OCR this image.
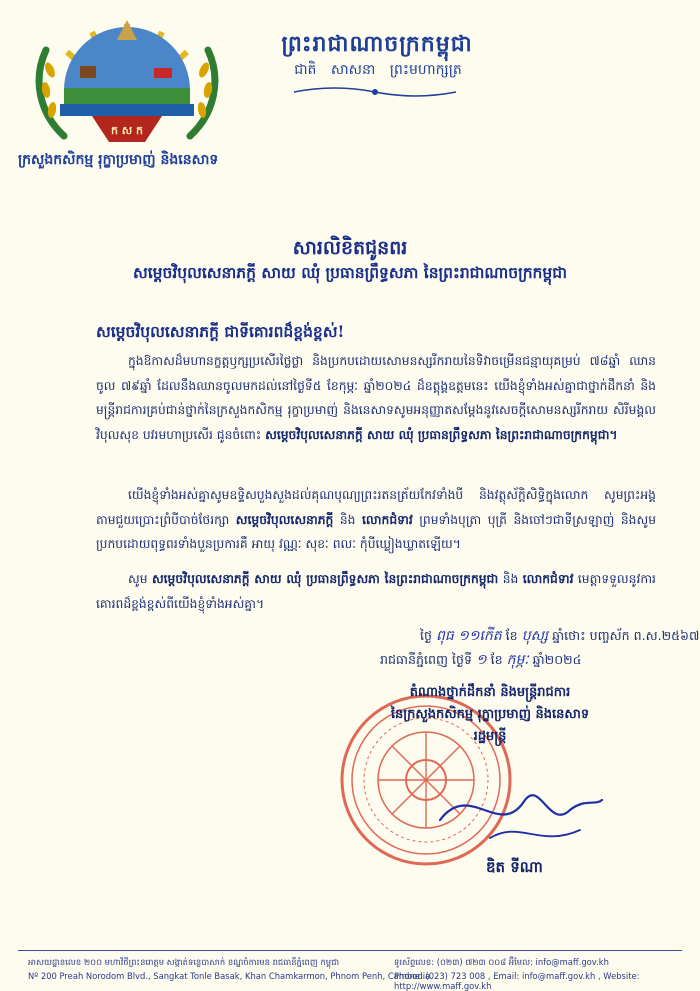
ក ស ក
ព្រះរាជាណាចក្រកម្ពុជា
ជាតិ សាសនា ព្រះមហាក្សត្រ
ក្រសួងកសិកម្ម រុក្ខាប្រមាញ់ និងនេសាទ
សារលិខិតជូនពរ
សម្តេចវិបុលសេនាភក្តី សាយ ឈុំ ប្រធានព្រឹទ្ធសភា នៃព្រះរាជាណាចក្រកម្ពុជា
សម្តេចវិបុលសេនាភក្តី ជាទីគោរពដ៏ខ្ពង់ខ្ពស់!

ក្នុងឱកាសដ៏មហានក្ខត្តឫក្សប្រសើរថ្លៃថ្លា និងប្រកបដោយសោមនស្សរីករាយនៃទិវាចម្រើនជន្មាយុគម្រប់ ៧៨ឆ្នាំ ឈានចូល ៧៩ឆ្នាំ ដែលនឹងឈានចូលមកដល់នៅថ្ងៃទី៥ ខែកុម្ភៈ ឆ្នាំ២០២៤ ដ៏ឧត្តុង្គឧត្តមនេះ យើងខ្ញុំទាំងអស់គ្នាជាថ្នាក់ដឹកនាំ និងមន្ត្រីរាជការគ្រប់ជាន់ថ្នាក់នៃក្រសួងកសិកម្ម រុក្ខាប្រមាញ់ និងនេសាទសូមអនុញ្ញាតសម្តែងនូវសេចក្តីសោមនស្សរីករាយ សិរីមង្គល វិបុលសុខ បវរមហាប្រសើរ ជូនចំពោះ សម្តេចវិបុលសេនាភក្តី សាយ ឈុំ ប្រធានព្រឹទ្ធសភា នៃព្រះរាជាណាចក្រកម្ពុជា។

យើងខ្ញុំទាំងអស់គ្នាសូមឧទ្ទិសបួងសួងដល់គុណបុណ្យព្រះរតនត្រ័យកែវទាំងបី និងវត្ថុស័ក្តិសិទ្ធិក្នុងលោក សូមព្រះអង្គតាមជួយប្រោះព្រំបីបាច់ថែរក្សា សម្តេចវិបុលសេនាភក្តី និង លោកជំទាវ ព្រមទាំងបុត្រា បុត្រី និងចៅៗជាទីស្រឡាញ់ និងសូមប្រកបដោយពុទ្ធពរទាំងបួនប្រការគឺ អាយុ វណ្ណៈ សុខៈ ពលៈ កុំបីឃ្លៀងឃ្លាតឡើយ។

សូម សម្តេចវិបុលសេនាភក្តី សាយ ឈុំ ប្រធានព្រឹទ្ធសភា នៃព្រះរាជាណាចក្រកម្ពុជា និង លោកជំទាវ មេត្តាទទួលនូវការគោរពដ៏ខ្ពង់ខ្ពស់ពីយើងខ្ញុំទាំងអស់គ្នា។

ថ្ងៃ ពុធ ១១កើត ខែ បុស្ស ឆ្នាំថោះ បញ្ចស័ក ព.ស.២៥៦៧
រាជធានីភ្នំពេញ ថ្ងៃទី ១ ខែ កុម្ភៈ ឆ្នាំ២០២៤
តំណាងថ្នាក់ដឹកនាំ និងមន្ត្រីរាជការ
នៃក្រសួងកសិកម្ម រុក្ខាប្រមាញ់ និងនេសាទ
រដ្ឋមន្ត្រី
ឌិត ទីណា
អាសយដ្ឋានលេខ ២០០ មហាវិថីព្រះនរោត្តម សង្កាត់ទន្លេបាសាក់ ខណ្ឌចំការមន រាជធានីភ្នំពេញ កម្ពុជា
Nº 200 Preah Norodom Blvd., Sangkat Tonle Basak, Khan Chamkarmon, Phnom Penh, Cambodia
ទូរស័ព្ទលេខ: (០២៣) ៧២៣ ០០៨ អ៊ីមែល: info@maff.gov.kh
Phone: (023) 723 008 , Email: info@maff.gov.kh , Website: http://www.maff.gov.kh
